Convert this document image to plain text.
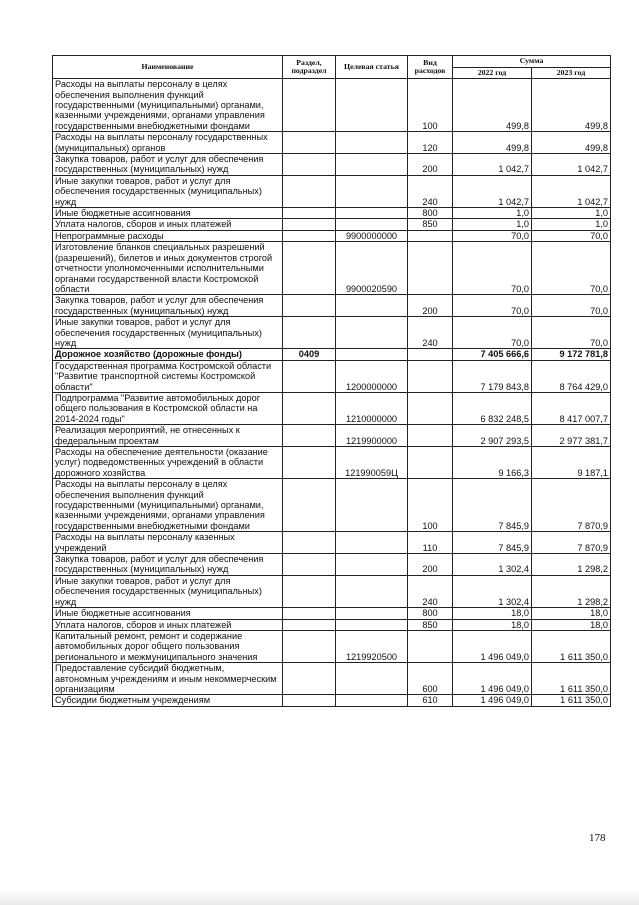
Наименование	Раздел, подраздел	Целевая статья	Вид расходов	Сумма	
				2022 год	2023 год
Расходы на выплаты персоналу в целях обеспечения выполнения функций государственными (муниципальными) органами, казенными учреждениями, органами управления государственными внебюджетными фондами			100	499,8	499,8
Расходы на выплаты персоналу государственных (муниципальных) органов			120	499,8	499,8
Закупка товаров, работ и услуг для обеспечения государственных (муниципальных) нужд			200	1 042,7	1 042,7
Иные закупки товаров, работ и услуг для обеспечения государственных (муниципальных) нужд			240	1 042,7	1 042,7
Иные бюджетные ассигнования			800	1,0	1,0
Уплата налогов, сборов и иных платежей			850	1,0	1,0
Непрограммные расходы		9900000000		70,0	70,0
Изготовление бланков специальных разрешений (разрешений), билетов и иных документов строгой отчетности уполномоченными исполнительными органами государственной власти Костромской области		9900020590		70,0	70,0
Закупка товаров, работ и услуг для обеспечения государственных (муниципальных) нужд			200	70,0	70,0
Иные закупки товаров, работ и услуг для обеспечения государственных (муниципальных) нужд			240	70,0	70,0
Дорожное хозяйство (дорожные фонды)	0409			7 405 666,6	9 172 781,8
Государственная программа Костромской области "Развитие транспортной системы Костромской области"		1200000000		7 179 843,8	8 764 429,0
Подпрограмма "Развитие автомобильных дорог общего пользования в Костромской области на 2014-2024 годы"		1210000000		6 832 248,5	8 417 007,7
Реализация мероприятий, не отнесенных к федеральным проектам		1219900000		2 907 293,5	2 977 381,7
Расходы на обеспечение деятельности (оказание услуг) подведомственных учреждений в области дорожного хозяйства		121990059Ц		9 166,3	9 187,1
Расходы на выплаты персоналу в целях обеспечения выполнения функций государственными (муниципальными) органами, казенными учреждениями, органами управления государственными внебюджетными фондами			100	7 845,9	7 870,9
Расходы на выплаты персоналу казенных учреждений			110	7 845,9	7 870,9
Закупка товаров, работ и услуг для обеспечения государственных (муниципальных) нужд			200	1 302,4	1 298,2
Иные закупки товаров, работ и услуг для обеспечения государственных (муниципальных) нужд			240	1 302,4	1 298,2
Иные бюджетные ассигнования			800	18,0	18,0
Уплата налогов, сборов и иных платежей			850	18,0	18,0
Капитальный ремонт, ремонт и содержание автомобильных дорог общего пользования регионального и межмуниципального значения		1219920500		1 496 049,0	1 611 350,0
Предоставление субсидий бюджетным, автономным учреждениям и иным некоммерческим организациям			600	1 496 049,0	1 611 350,0
Субсидии бюджетным учреждениям			610	1 496 049,0	1 611 350,0
178
